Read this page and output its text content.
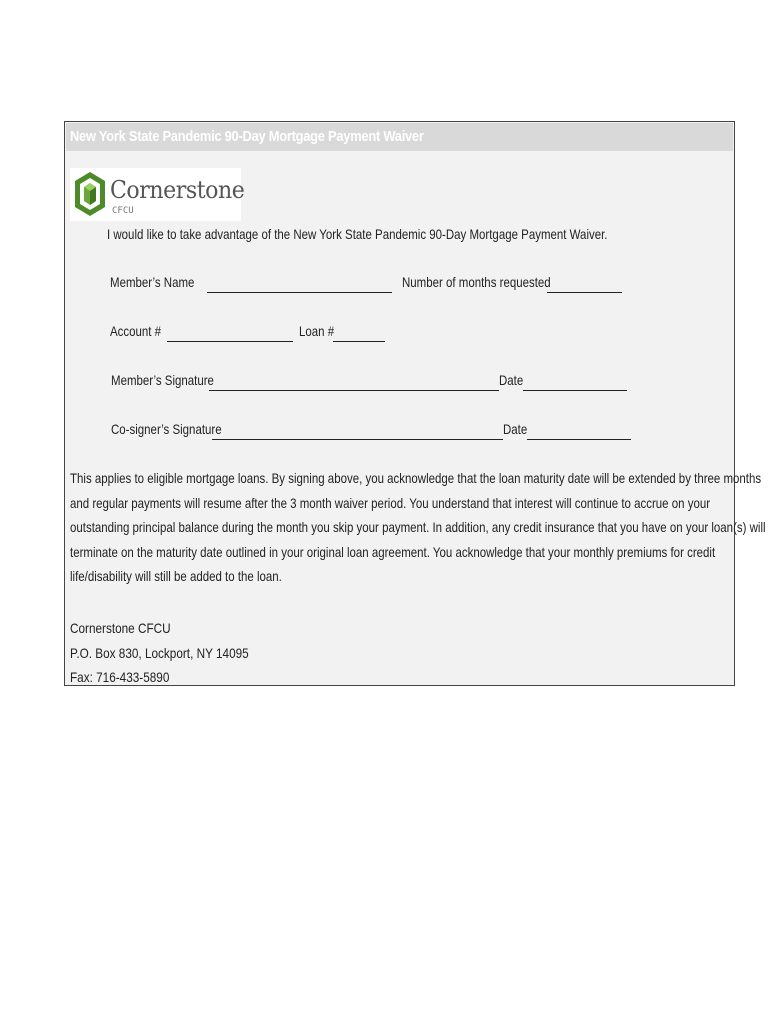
New York State Pandemic 90-Day Mortgage Payment Waiver
Cornerstone
CFCU
I would like to take advantage of the New York State Pandemic 90-Day Mortgage Payment Waiver.
Member’s Name	Number of months requested
Account #	Loan #
Member’s Signature	Date
Co-signer’s Signature	Date
This applies to eligible mortgage loans. By signing above, you acknowledge that the loan maturity date will be extended by three months
and regular payments will resume after the 3 month waiver period. You understand that interest will continue to accrue on your
outstanding principal balance during the month you skip your payment. In addition, any credit insurance that you have on your loan(s) will
terminate on the maturity date outlined in your original loan agreement. You acknowledge that your monthly premiums for credit
life/disability will still be added to the loan.
Cornerstone CFCU
P.O. Box 830, Lockport, NY 14095
Fax: 716-433-5890
